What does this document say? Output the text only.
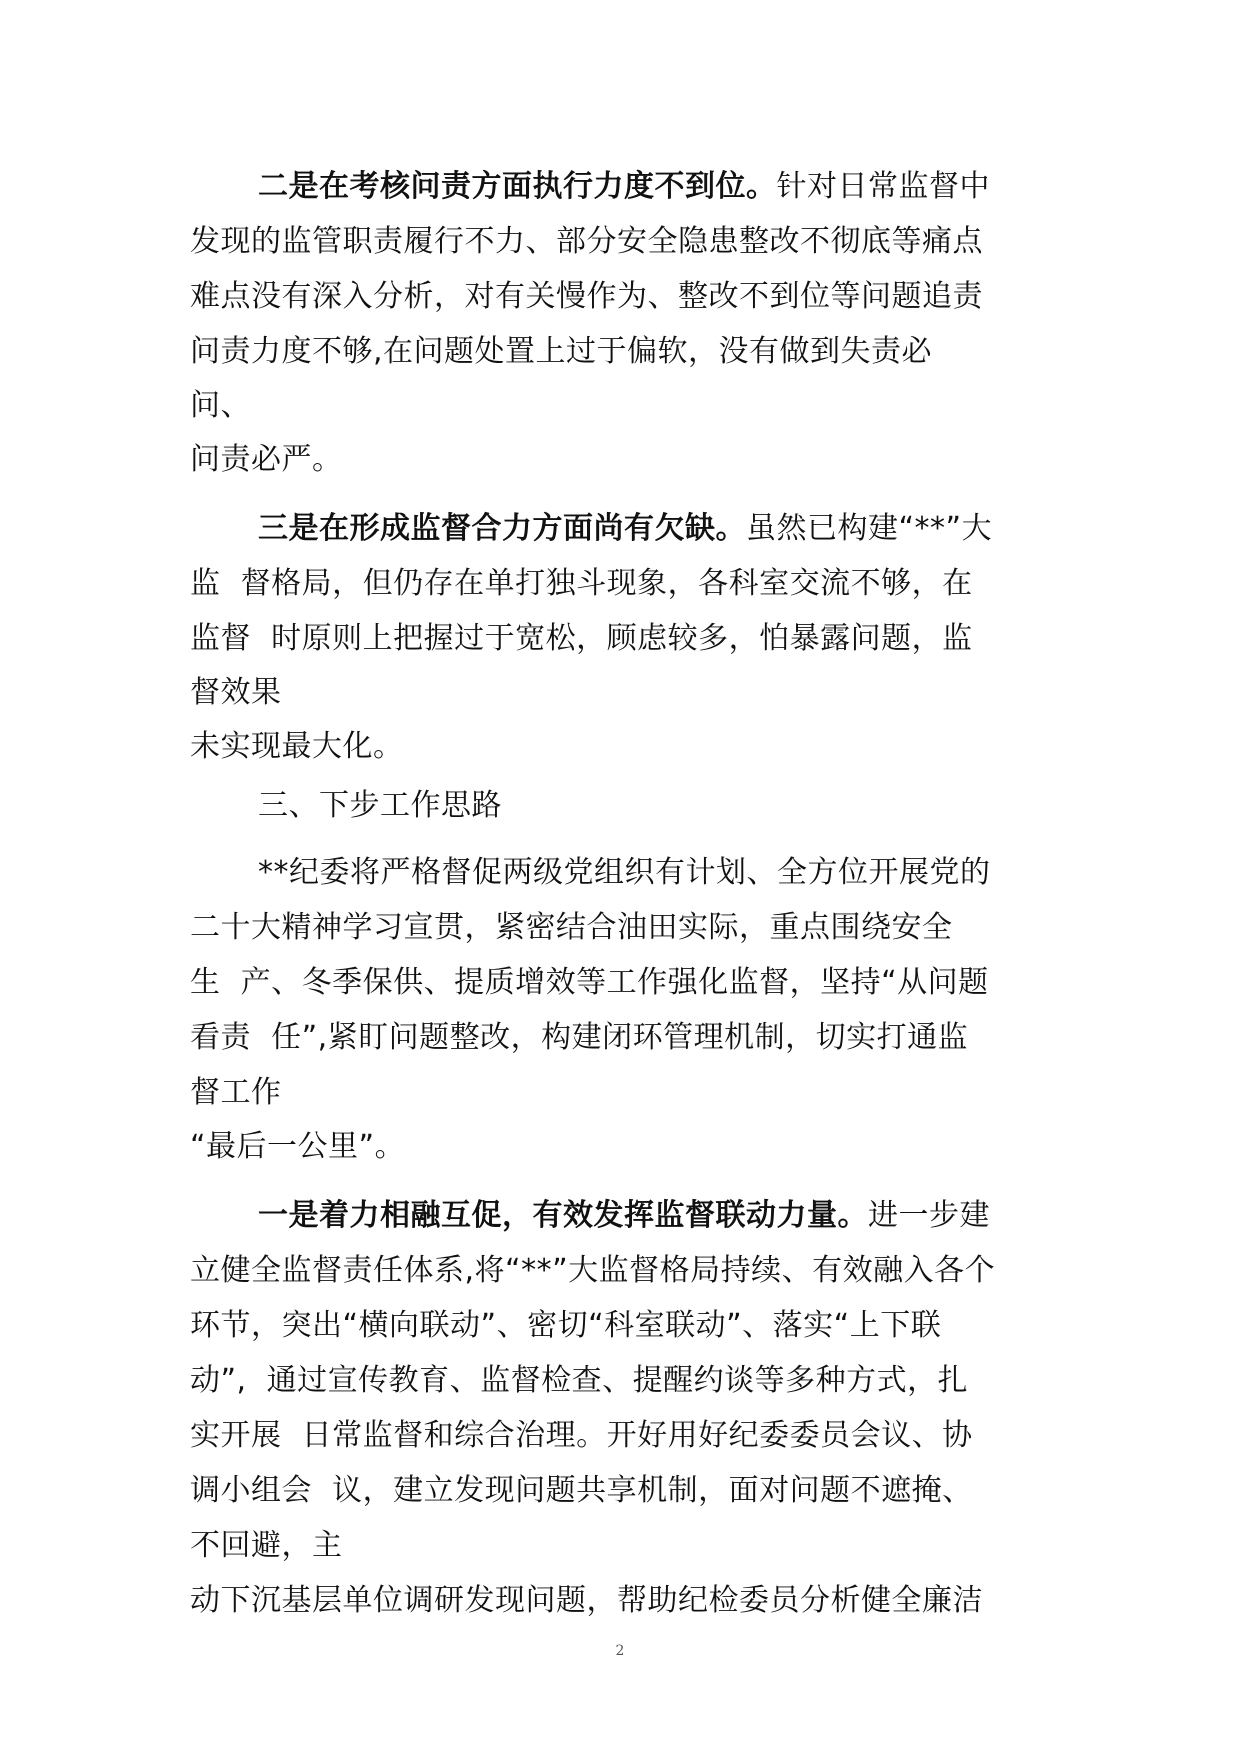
二是在考核问责方面执行力度不到位。针对日常监督中
发现的监管职责履行不力、部分安全隐患整改不彻底等痛点
难点没有深入分析，对有关慢作为、整改不到位等问题追责
问责力度不够,在问题处置上过于偏软，没有做到失责必
问、
问责必严。
三是在形成监督合力方面尚有欠缺。虽然已构建“**”大
监  督格局，但仍存在单打独斗现象，各科室交流不够，在
监督  时原则上把握过于宽松，顾虑较多，怕暴露问题，监
督效果
未实现最大化。
三、下步工作思路
**纪委将严格督促两级党组织有计划、全方位开展党的
二十大精神学习宣贯，紧密结合油田实际，重点围绕安全
生  产、冬季保供、提质增效等工作强化监督，坚持“从问题
看责  任”,紧盯问题整改，构建闭环管理机制，切实打通监
督工作
“最后一公里”。
一是着力相融互促，有效发挥监督联动力量。进一步建
立健全监督责任体系,将“**”大监督格局持续、有效融入各个
环节，突出“横向联动”、密切“科室联动”、落实“上下联
动”,  通过宣传教育、监督检查、提醒约谈等多种方式，扎
实开展  日常监督和综合治理。开好用好纪委委员会议、协
调小组会  议，建立发现问题共享机制，面对问题不遮掩、
不回避，主
动下沉基层单位调研发现问题，帮助纪检委员分析健全廉洁
2
